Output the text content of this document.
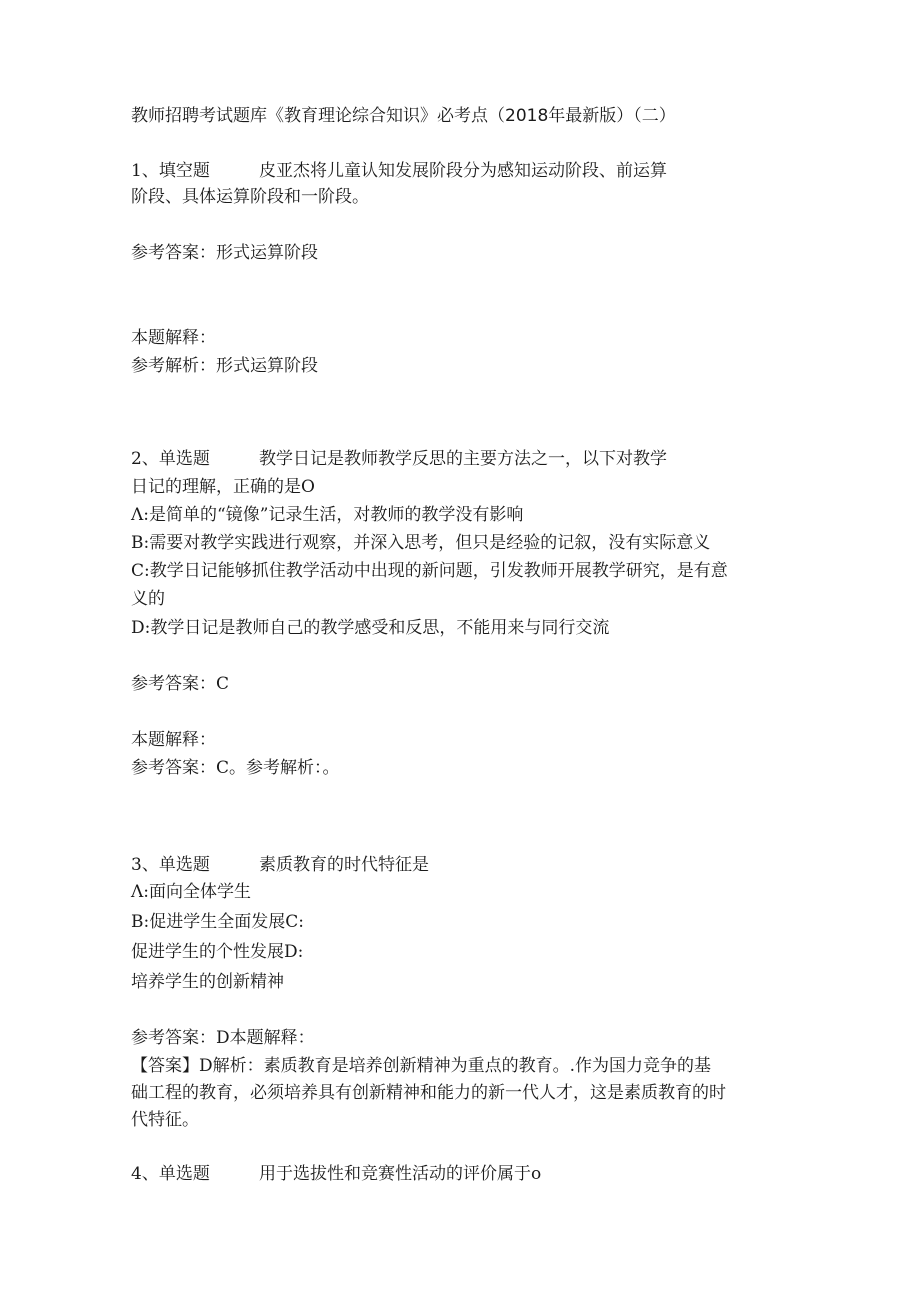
教师招聘考试题库《教育理论综合知识》必考点（2018年最新版）（二）
1、填空题	皮亚杰将儿童认知发展阶段分为感知运动阶段、前运算
阶段、具体运算阶段和一阶段。
参考答案：形式运算阶段
本题解释：
参考解析：形式运算阶段
2、单选题	教学日记是教师教学反思的主要方法之一，以下对教学
日记的理解，正确的是O
Λ:是简单的“镜像”记录生活，对教师的教学没有影响
B:需要对教学实践进行观察，并深入思考，但只是经验的记叙，没有实际意义
C:教学日记能够抓住教学活动中出现的新问题，引发教师开展教学研究，是有意
义的
D:教学日记是教师自己的教学感受和反思，不能用来与同行交流
参考答案：C
本题解释：
参考答案：C。参考解析：。
3、单选题	素质教育的时代特征是
Λ:面向全体学生
B:促进学生全面发展C:
促进学生的个性发展D:
培养学生的创新精神
参考答案：D本题解释：
【答案】D解析：素质教育是培养创新精神为重点的教育。.作为国力竞争的基
础工程的教育，必须培养具有创新精神和能力的新一代人才，这是素质教育的时
代特征。
4、单选题	用于选拔性和竞赛性活动的评价属于o
